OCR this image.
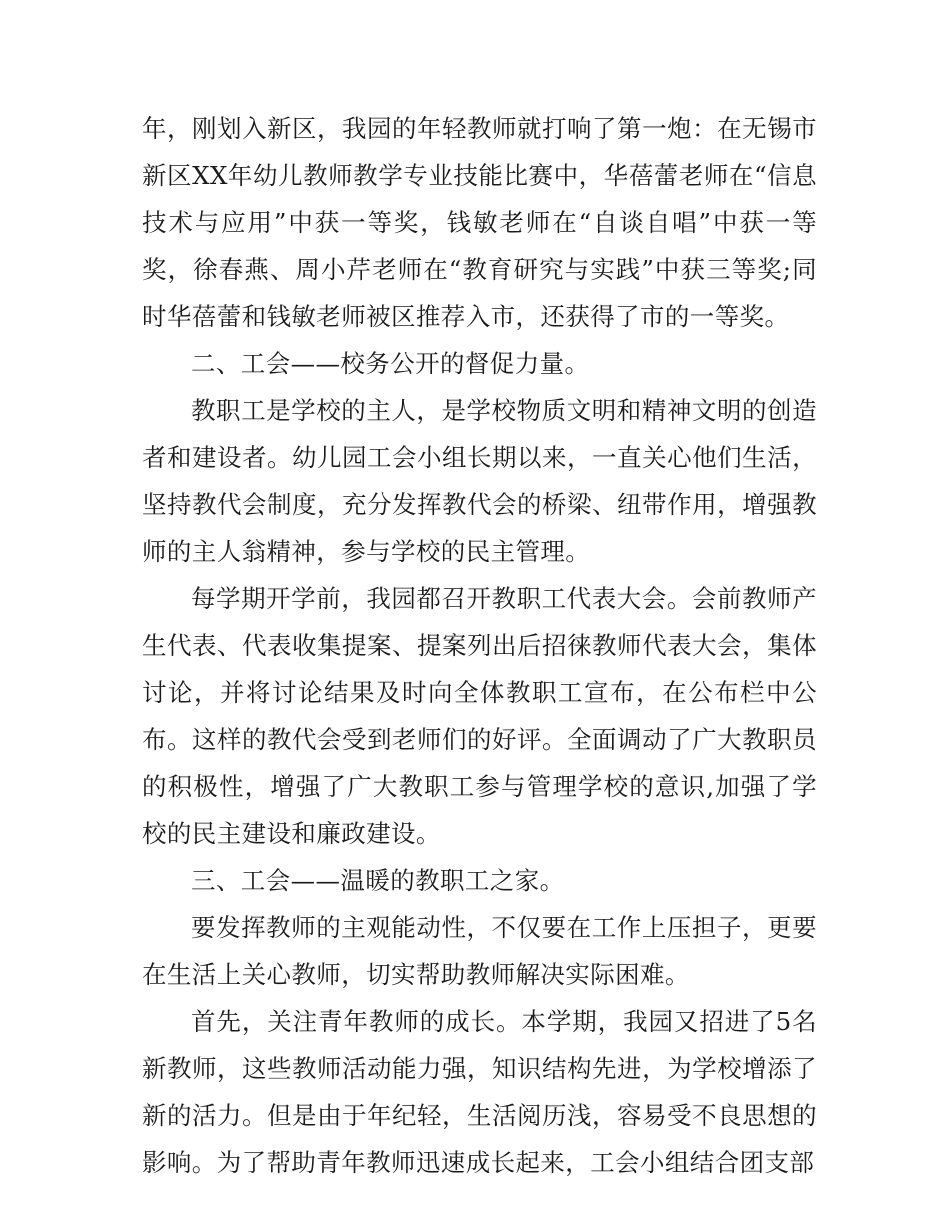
年，刚划入新区，我园的年轻教师就打响了第一炮：在无锡市新区XX年幼儿教师教学专业技能比赛中，华蓓蕾老师在“信息技术与应用”中获一等奖，钱敏老师在“自谈自唱”中获一等奖，徐春燕、周小芹老师在“教育研究与实践”中获三等奖;同时华蓓蕾和钱敏老师被区推荐入市，还获得了市的一等奖。

二、工会——校务公开的督促力量。

教职工是学校的主人，是学校物质文明和精神文明的创造者和建设者。幼儿园工会小组长期以来，一直关心他们生活，坚持教代会制度，充分发挥教代会的桥梁、纽带作用，增强教师的主人翁精神，参与学校的民主管理。

每学期开学前，我园都召开教职工代表大会。会前教师产生代表、代表收集提案、提案列出后招徕教师代表大会，集体讨论，并将讨论结果及时向全体教职工宣布，在公布栏中公布。这样的教代会受到老师们的好评。全面调动了广大教职员的积极性，增强了广大教职工参与管理学校的意识,加强了学校的民主建设和廉政建设。

三、工会——温暖的教职工之家。

要发挥教师的主观能动性，不仅要在工作上压担子，更要在生活上关心教师，切实帮助教师解决实际困难。

首先，关注青年教师的成长。本学期，我园又招进了5名新教师，这些教师活动能力强，知识结构先进，为学校增添了新的活力。但是由于年纪轻，生活阅历浅，容易受不良思想的影响。为了帮助青年教师迅速成长起来，工会小组结合团支部
